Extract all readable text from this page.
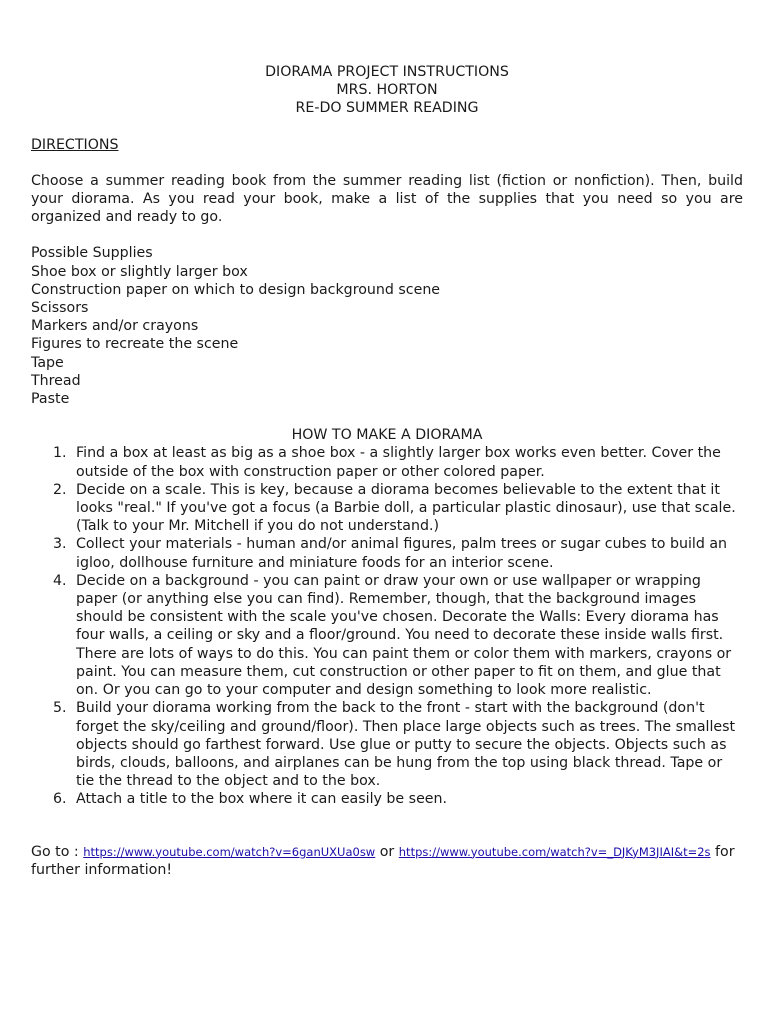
DIORAMA PROJECT INSTRUCTIONS
MRS. HORTON
RE-DO SUMMER READING
DIRECTIONS
Choose a summer reading book from the summer reading list (fiction or nonfiction). Then, build your diorama. As you read your book, make a list of the supplies that you need so you are organized and ready to go.
Possible Supplies
Shoe box or slightly larger box
Construction paper on which to design background scene
Scissors
Markers and/or crayons
Figures to recreate the scene
Tape
Thread
Paste
HOW TO MAKE A DIORAMA
1. Find a box at least as big as a shoe box - a slightly larger box works even better. Cover the outside of the box with construction paper or other colored paper.
2. Decide on a scale. This is key, because a diorama becomes believable to the extent that it looks "real." If you've got a focus (a Barbie doll, a particular plastic dinosaur), use that scale. (Talk to your Mr. Mitchell if you do not understand.)
3. Collect your materials - human and/or animal figures, palm trees or sugar cubes to build an igloo, dollhouse furniture and miniature foods for an interior scene.
4. Decide on a background - you can paint or draw your own or use wallpaper or wrapping paper (or anything else you can find). Remember, though, that the background images should be consistent with the scale you've chosen. Decorate the Walls: Every diorama has four walls, a ceiling or sky and a floor/ground. You need to decorate these inside walls first. There are lots of ways to do this. You can paint them or color them with markers, crayons or paint. You can measure them, cut construction or other paper to fit on them, and glue that on. Or you can go to your computer and design something to look more realistic.
5. Build your diorama working from the back to the front - start with the background (don't forget the sky/ceiling and ground/floor). Then place large objects such as trees. The smallest objects should go farthest forward. Use glue or putty to secure the objects. Objects such as birds, clouds, balloons, and airplanes can be hung from the top using black thread. Tape or tie the thread to the object and to the box.
6. Attach a title to the box where it can easily be seen.
Go to : https://www.youtube.com/watch?v=6ganUXUa0sw or https://www.youtube.com/watch?v=_DJKyM3JIAI&t=2s for further information!
